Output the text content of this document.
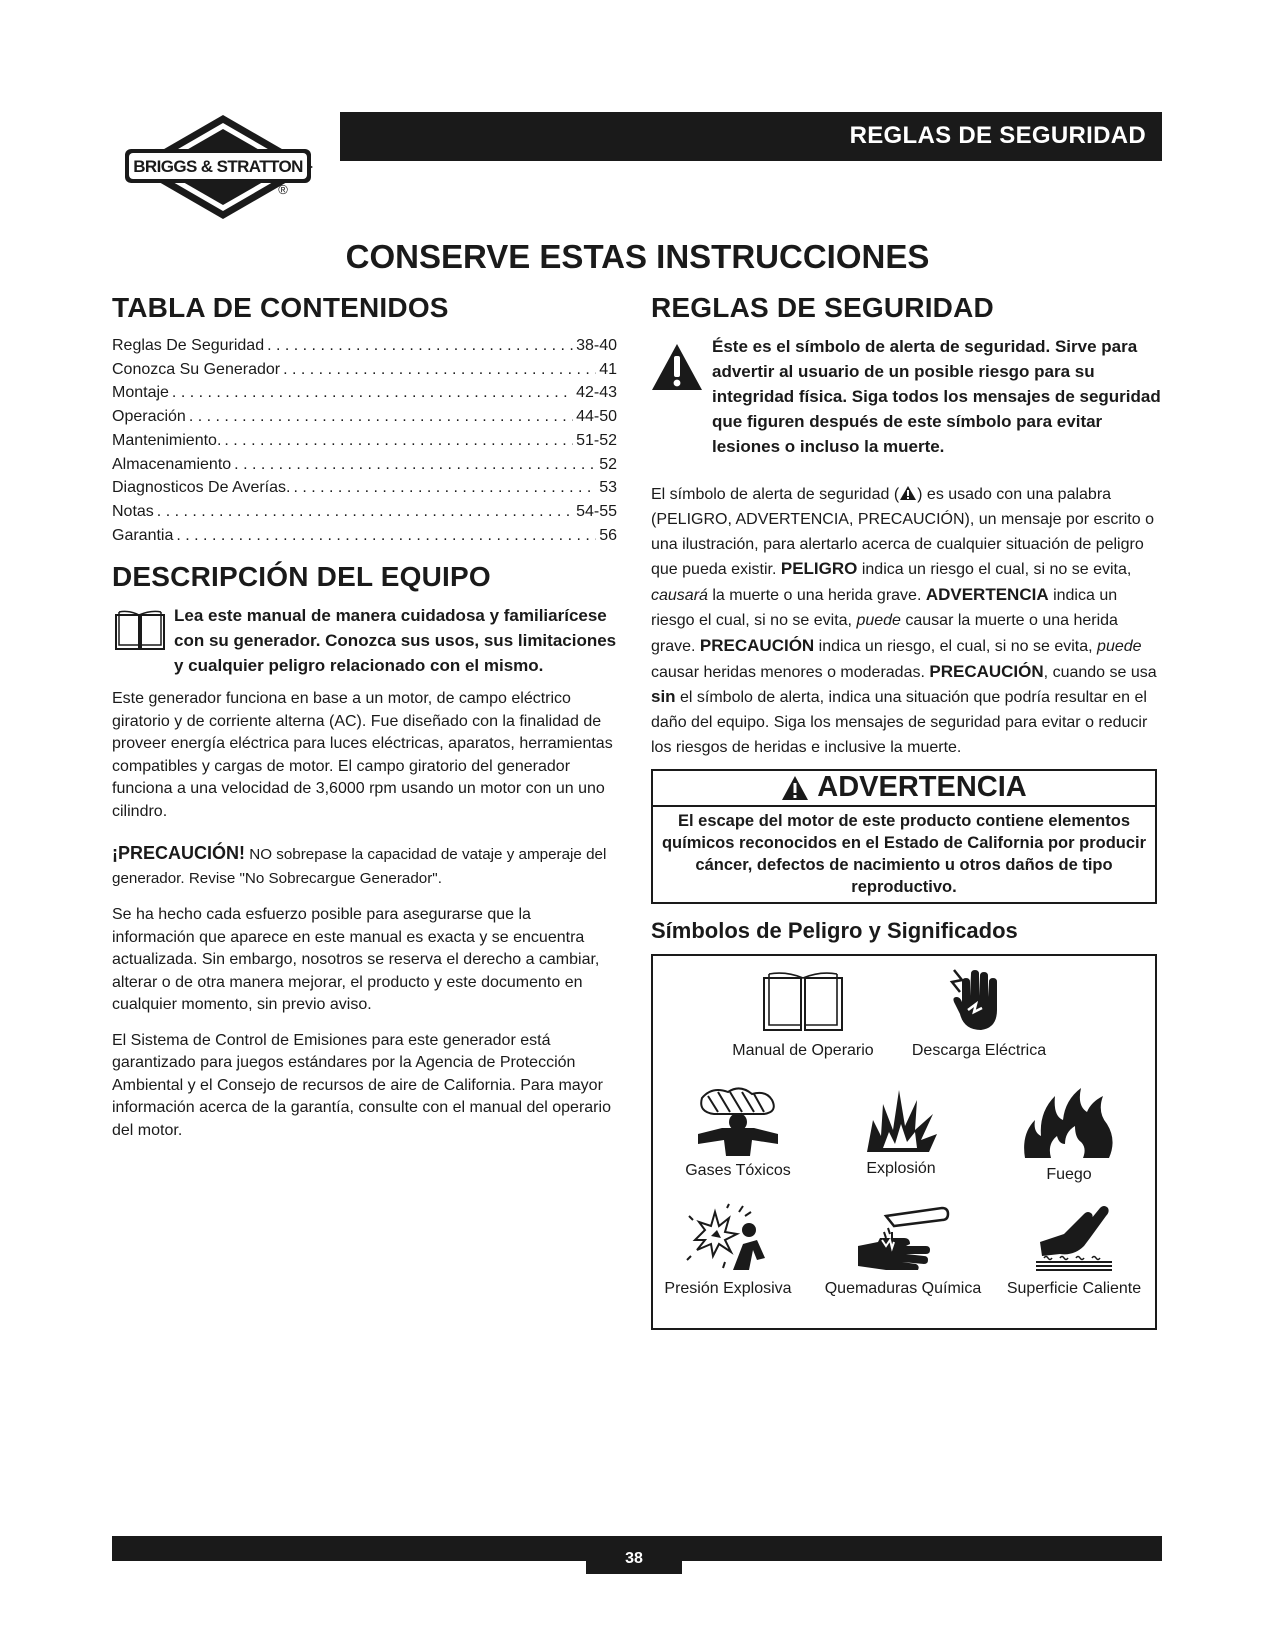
BRIGGS & STRATTON
®
REGLAS DE SEGURIDAD
CONSERVE ESTAS INSTRUCCIONES
TABLA DE CONTENIDOS
Reglas De Seguridad . . .	38-40
Conozca Su Generador . . .	41
Montaje . . .	42-43
Operación . . .	44-50
Mantenimiento. . . .	51-52
Almacenamiento . . .	52
Diagnosticos De Averías. . . .	53
Notas . . .	54-55
Garantia . . .	56
DESCRIPCIÓN DEL EQUIPO

Lea este manual de manera cuidadosa y familiarícese con su generador. Conozca sus usos, sus limitaciones y cualquier peligro relacionado con el mismo.

Este generador funciona en base a un motor, de campo eléctrico giratorio y de corriente alterna (AC). Fue diseñado con la finalidad de proveer energía eléctrica para luces eléctricas, aparatos, herramientas compatibles y cargas de motor. El campo giratorio del generador funciona a una velocidad de 3,6000 rpm usando un motor con un uno cilindro.

¡PRECAUCIÓN! NO sobrepase la capacidad de vataje y amperaje del generador. Revise "No Sobrecargue Generador".

Se ha hecho cada esfuerzo posible para asegurarse que la información que aparece en este manual es exacta y se encuentra actualizada. Sin embargo, nosotros se reserva el derecho a cambiar, alterar o de otra manera mejorar, el producto y este documento en cualquier momento, sin previo aviso.

El Sistema de Control de Emisiones para este generador está garantizado para juegos estándares por la Agencia de Protección Ambiental y el Consejo de recursos de aire de California. Para mayor información acerca de la garantía, consulte con el manual del operario del motor.

REGLAS DE SEGURIDAD

Éste es el símbolo de alerta de seguridad. Sirve para advertir al usuario de un posible riesgo para su integridad física. Siga todos los mensajes de seguridad que figuren después de este símbolo para evitar lesiones o incluso la muerte.

El símbolo de alerta de seguridad ( ) es usado con una palabra (PELIGRO, ADVERTENCIA, PRECAUCIÓN), un mensaje por escrito o una ilustración, para alertarlo acerca de cualquier situación de peligro que pueda existir. PELIGRO indica un riesgo el cual, si no se evita, causará la muerte o una herida grave. ADVERTENCIA indica un riesgo el cual, si no se evita, puede causar la muerte o una herida grave. PRECAUCIÓN indica un riesgo, el cual, si no se evita, puede causar heridas menores o moderadas. PRECAUCIÓN, cuando se usa sin el símbolo de alerta, indica una situación que podría resultar en el daño del equipo. Siga los mensajes de seguridad para evitar o reducir los riesgos de heridas e inclusive la muerte.

ADVERTENCIA
El escape del motor de este producto contiene elementos químicos reconocidos en el Estado de California por producir cáncer, defectos de nacimiento u otros daños de tipo reproductivo.
Símbolos de Peligro y Significados
Manual de Operario	Descarga Eléctrica
Gases Tóxicos	Explosión	Fuego
Presión Explosiva	Quemaduras Química	Superficie Caliente
38
